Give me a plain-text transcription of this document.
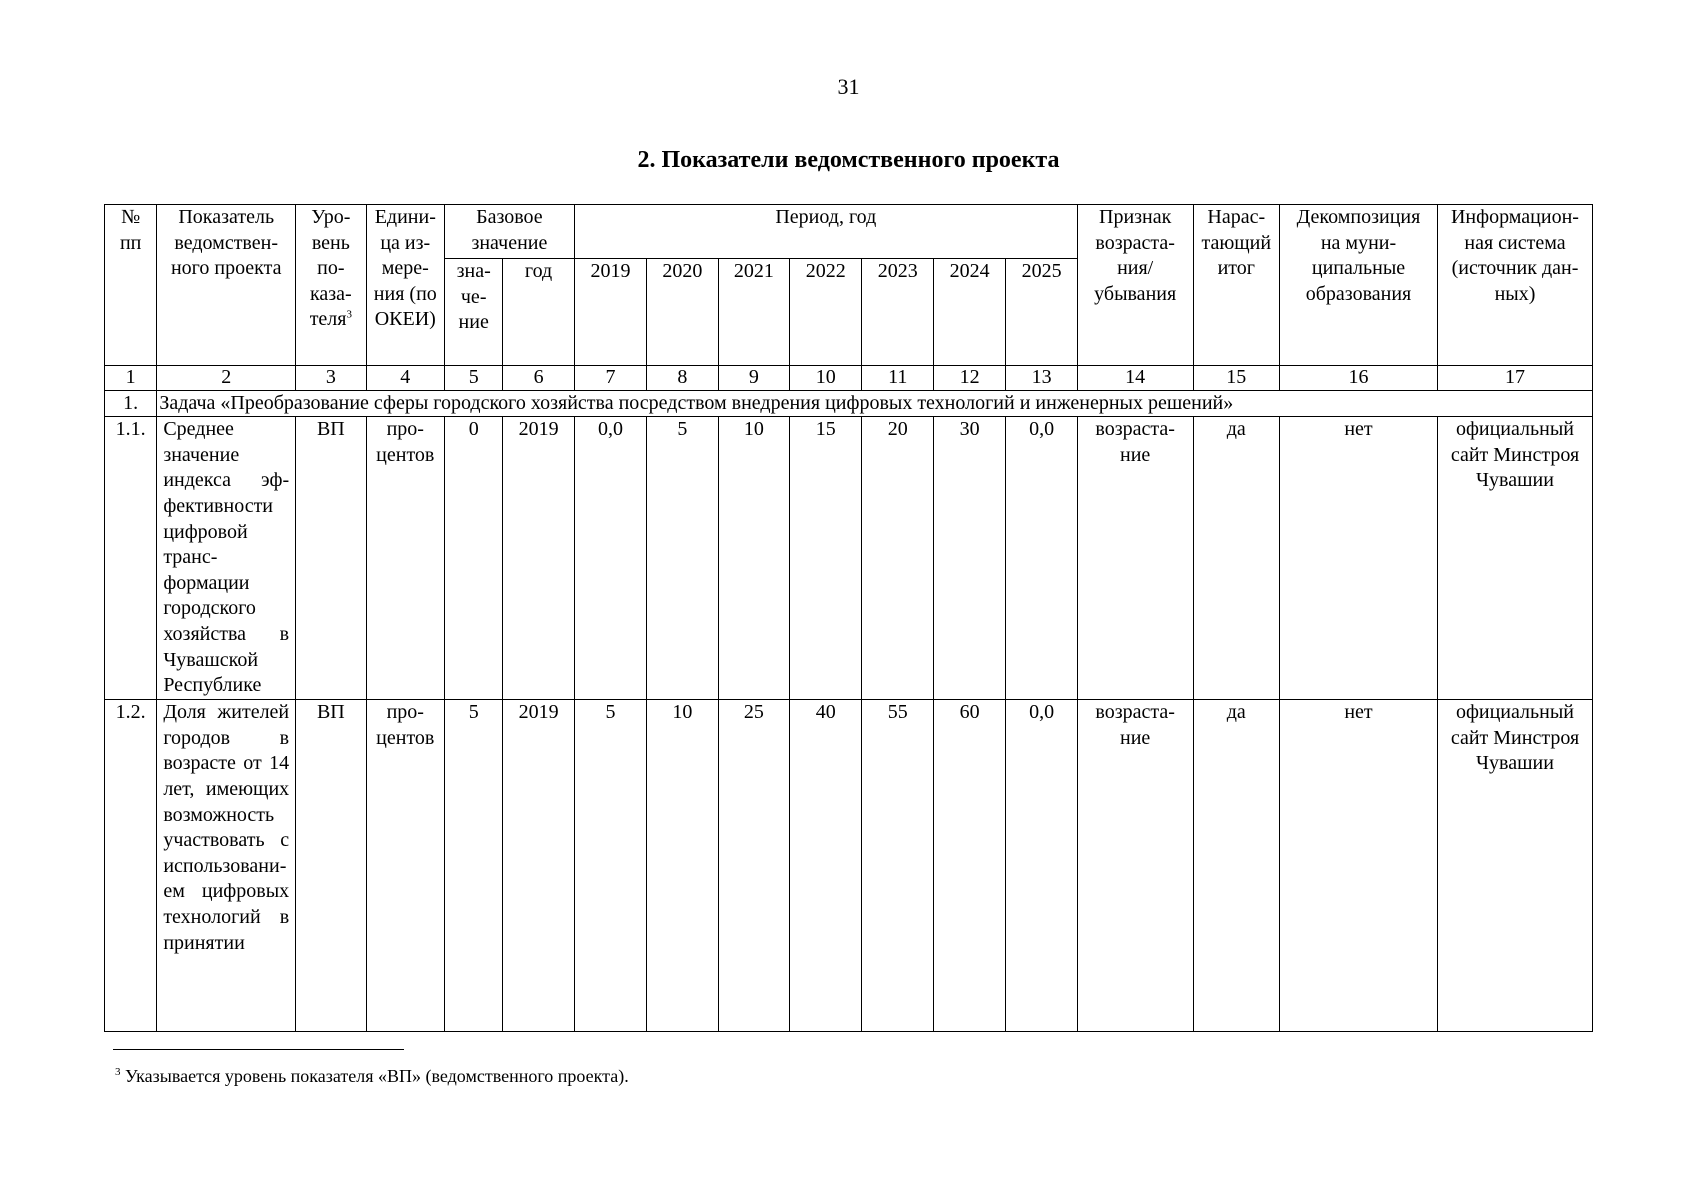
31
2. Показатели ведомственного проекта
№ пп	Показатель ведомственного проекта	Уровень показателя$^3$	Единица измерения (по ОКЕИ)	Базовое значение		Период, год							Признак возрастания/ убывания	Нарастающий итог	Декомпозиция на муниципальные образования	Информационная система (источник данных)
				значение	год	2019	2020	2021	2022	2023	2024	2025				
1	2	3	4	5	6	7	8	9	10	11	12	13	14	15	16	17
1.	Задача «Преобразование сферы городского хозяйства посредством внедрения цифровых технологий и инженерных решений»															
1.1.	Среднее значение индекса эффективности цифровой трансформации городского хозяйства в Чувашской Республике	ВП	процентов	0	2019	0,0	5	10	15	20	30	0,0	возрастание	да	нет	официальный сайт Минстроя Чувашии
1.2.	Доля жителей городов в возрасте от 14 лет, имеющих возможность участвовать с использованием цифровых технологий в принятии	ВП	процентов	5	2019	5	10	25	40	55	60	0,0	возрастание	да	нет	официальный сайт Минстроя Чувашии
$^3$ Указывается уровень показателя «ВП» (ведомственного проекта).
